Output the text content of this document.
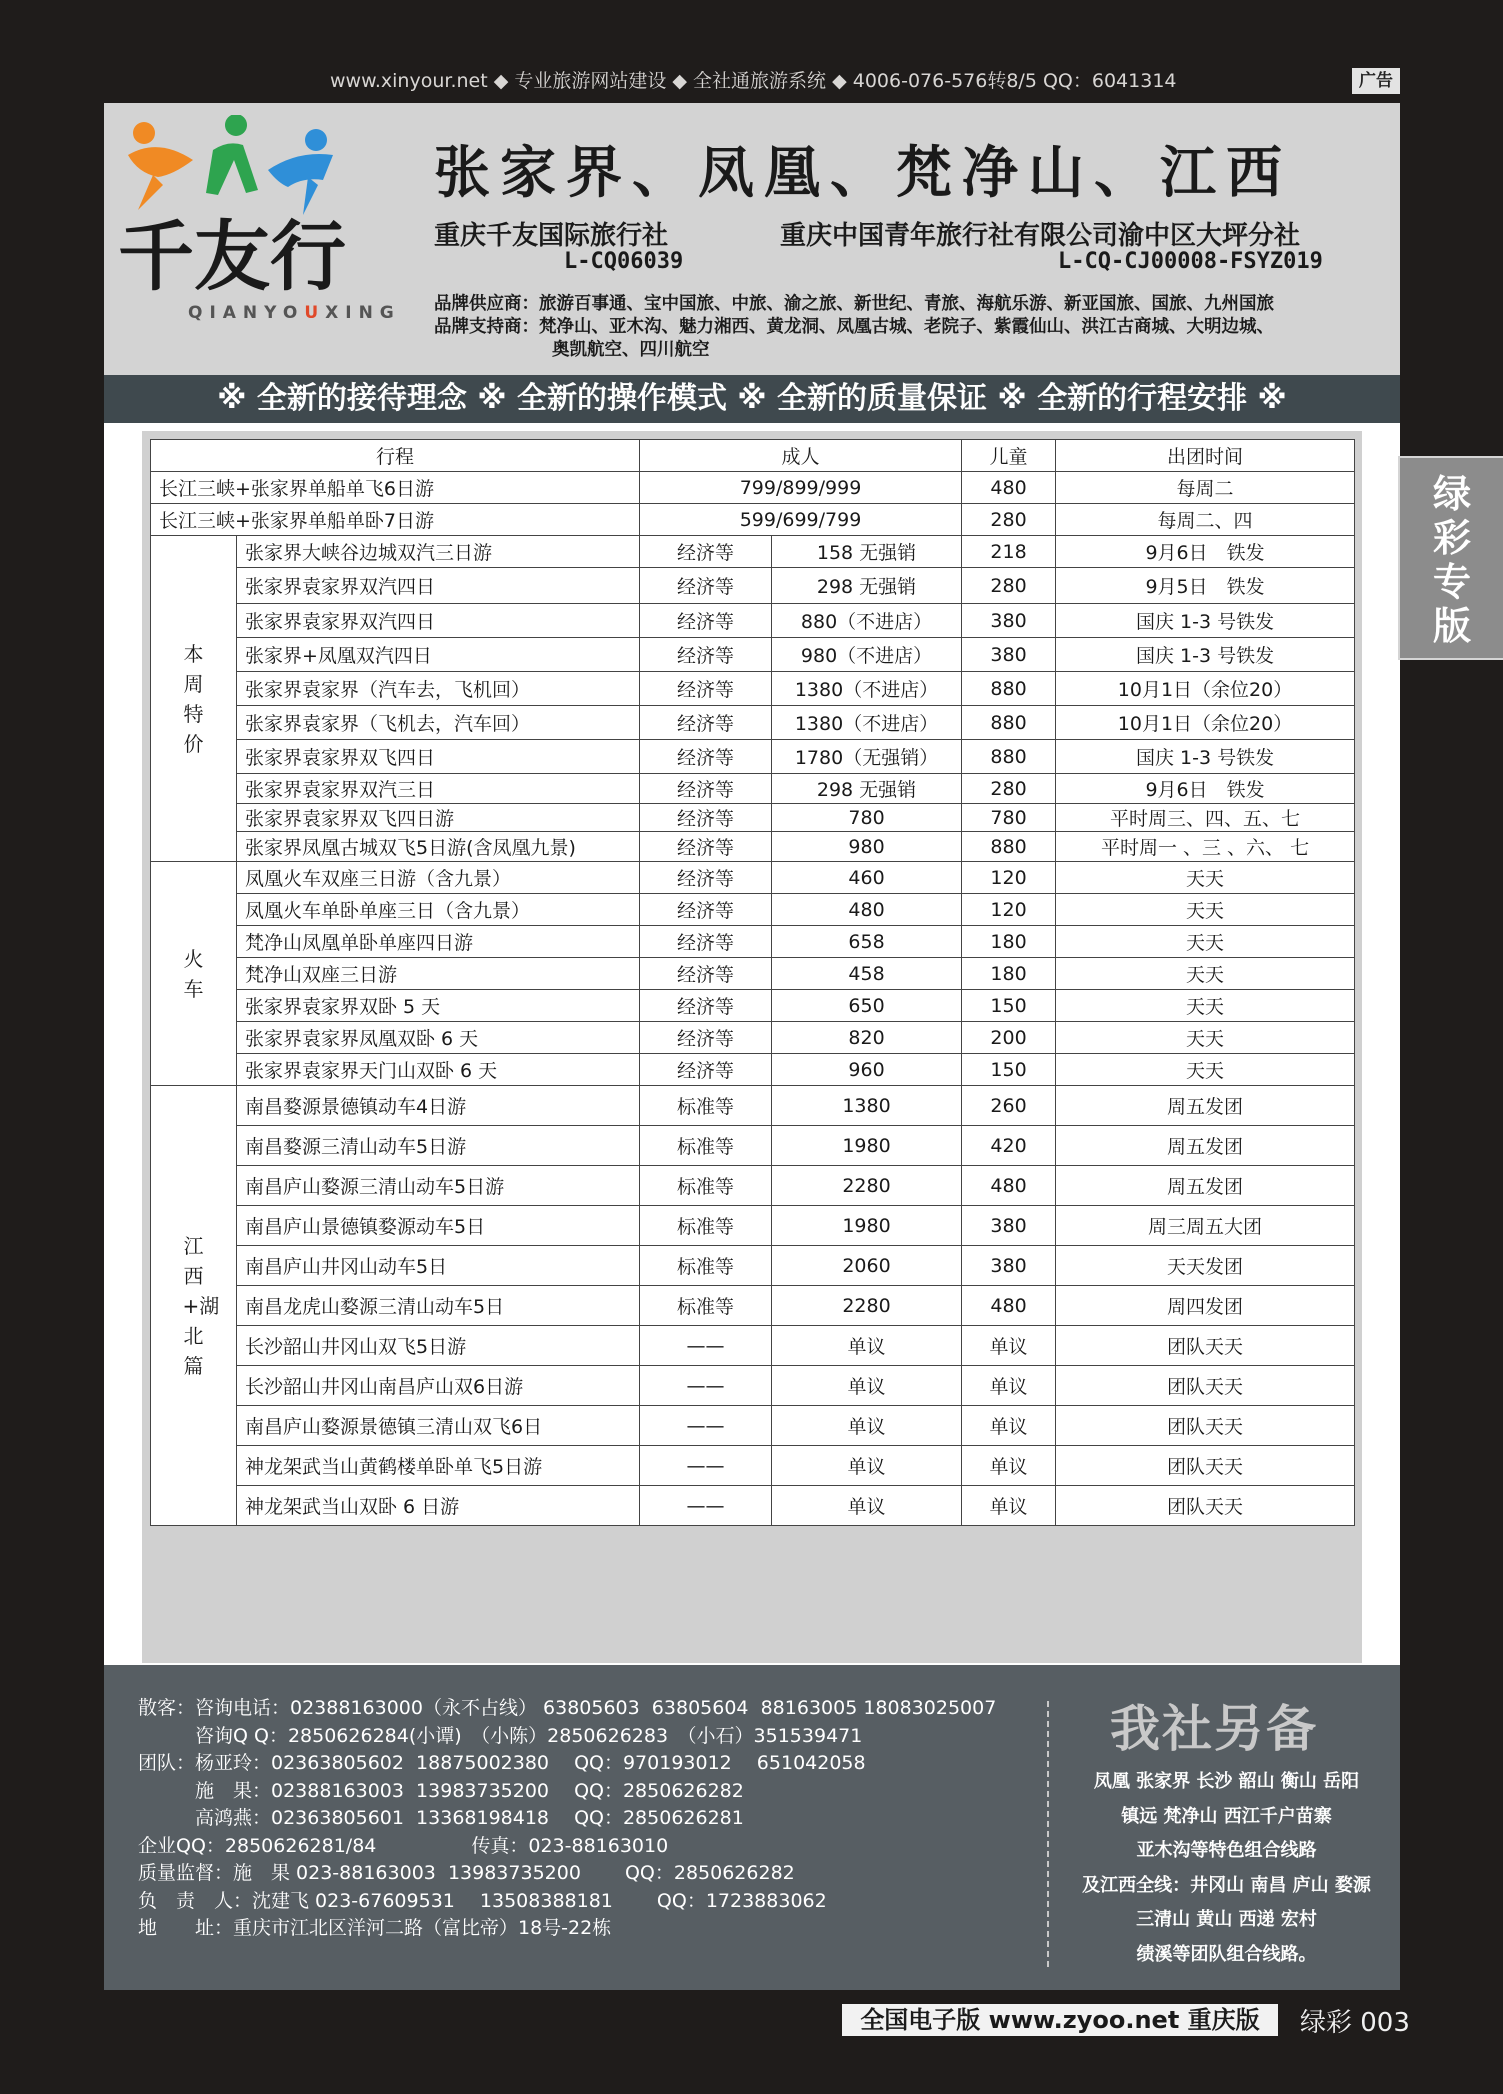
www.xinyour.net ◆ 专业旅游网站建设 ◆ 全社通旅游系统 ◆ 4006-076-576转8/5 QQ：6041314	广告
千友行
QIANYOUXING
张家界、凤凰、梵净山、江西
重庆千友国际旅行社	重庆中国青年旅行社有限公司渝中区大坪分社
L-CQ06039	L-CQ-CJ00008-FSYZ019
品牌供应商：旅游百事通、宝中国旅、中旅、渝之旅、新世纪、青旅、海航乐游、新亚国旅、国旅、九州国旅
品牌支持商：梵净山、亚木沟、魅力湘西、黄龙洞、凤凰古城、老院子、紫霞仙山、洪江古商城、大明边城、
奥凯航空、四川航空
※ 全新的接待理念 ※ 全新的操作模式 ※ 全新的质量保证 ※ 全新的行程安排 ※
行程		成人		儿童	出团时间
长江三峡+张家界单船单飞6日游		799/899/999		480	每周二
长江三峡+张家界单船单卧7日游		599/699/799		280	每周二、四

本周特价	张家界大峡谷边城双汽三日游	经济等	158 无强销	218	9月6日　铁发
	张家界袁家界双汽四日	经济等	298 无强销	280	9月5日　铁发
	张家界袁家界双汽四日	经济等	880（不进店）	380	国庆 1-3 号铁发
	张家界+凤凰双汽四日	经济等	980（不进店）	380	国庆 1-3 号铁发
	张家界袁家界（汽车去，飞机回）	经济等	1380（不进店）	880	10月1日（余位20）
	张家界袁家界（飞机去，汽车回）	经济等	1380（不进店）	880	10月1日（余位20）
	张家界袁家界双飞四日	经济等	1780（无强销）	880	国庆 1-3 号铁发
	张家界袁家界双汽三日	经济等	298 无强销	280	9月6日　铁发
	张家界袁家界双飞四日游	经济等	780	780	平时周三、四、五、七
	张家界凤凰古城双飞5日游(含凤凰九景)	经济等	980	880	平时周一 、三 、六、 七

火车	凤凰火车双座三日游（含九景）	经济等	460	120	天天
	凤凰火车单卧单座三日（含九景）	经济等	480	120	天天
	梵净山凤凰单卧单座四日游	经济等	658	180	天天
	梵净山双座三日游	经济等	458	180	天天
	张家界袁家界双卧 5 天	经济等	650	150	天天
	张家界袁家界凤凰双卧 6 天	经济等	820	200	天天
	张家界袁家界天门山双卧 6 天	经济等	960	150	天天

江西+湖北篇	南昌婺源景德镇动车4日游	标准等	1380	260	周五发团
	南昌婺源三清山动车5日游	标准等	1980	420	周五发团
	南昌庐山婺源三清山动车5日游	标准等	2280	480	周五发团
	南昌庐山景德镇婺源动车5日	标准等	1980	380	周三周五大团
	南昌庐山井冈山动车5日	标准等	2060	380	天天发团
	南昌龙虎山婺源三清山动车5日	标准等	2280	480	周四发团
	长沙韶山井冈山双飞5日游	——	单议	单议	团队天天
	长沙韶山井冈山南昌庐山双6日游	——	单议	单议	团队天天
	南昌庐山婺源景德镇三清山双飞6日	——	单议	单议	团队天天
	神龙架武当山黄鹤楼单卧单飞5日游	——	单议	单议	团队天天
	神龙架武当山双卧 6 日游	——	单议	单议	团队天天
散客：咨询电话：02388163000（永不占线） 63805603  63805604  88163005 18083025007
　　　咨询Q Q：2850626284(小谭)　（小陈）2850626283　（小石）351539471
团队：杨亚玲：02363805602  18875002380　 QQ：970193012　 651042058
　　　施　果：02388163003  13983735200　 QQ：2850626282
　　　高鸿燕：02363805601  13368198418　 QQ：2850626281
企业QQ：2850626281/84　　　　　传真：023-88163010
质量监督：施　果 023-88163003  13983735200　　 QQ：2850626282
负　责　人：沈建飞 023-67609531　 13508388181　　 QQ：1723883062
地　　址：重庆市江北区洋河二路（富比帝）18号-22栋
我社另备
凤凰 张家界 长沙 韶山 衡山 岳阳
镇远 梵净山 西江千户苗寨
亚木沟等特色组合线路
及江西全线：井冈山 南昌 庐山 婺源
三清山 黄山 西递 宏村
绩溪等团队组合线路。
绿彩专版
全国电子版 www.zyoo.net 重庆版	绿彩 003
